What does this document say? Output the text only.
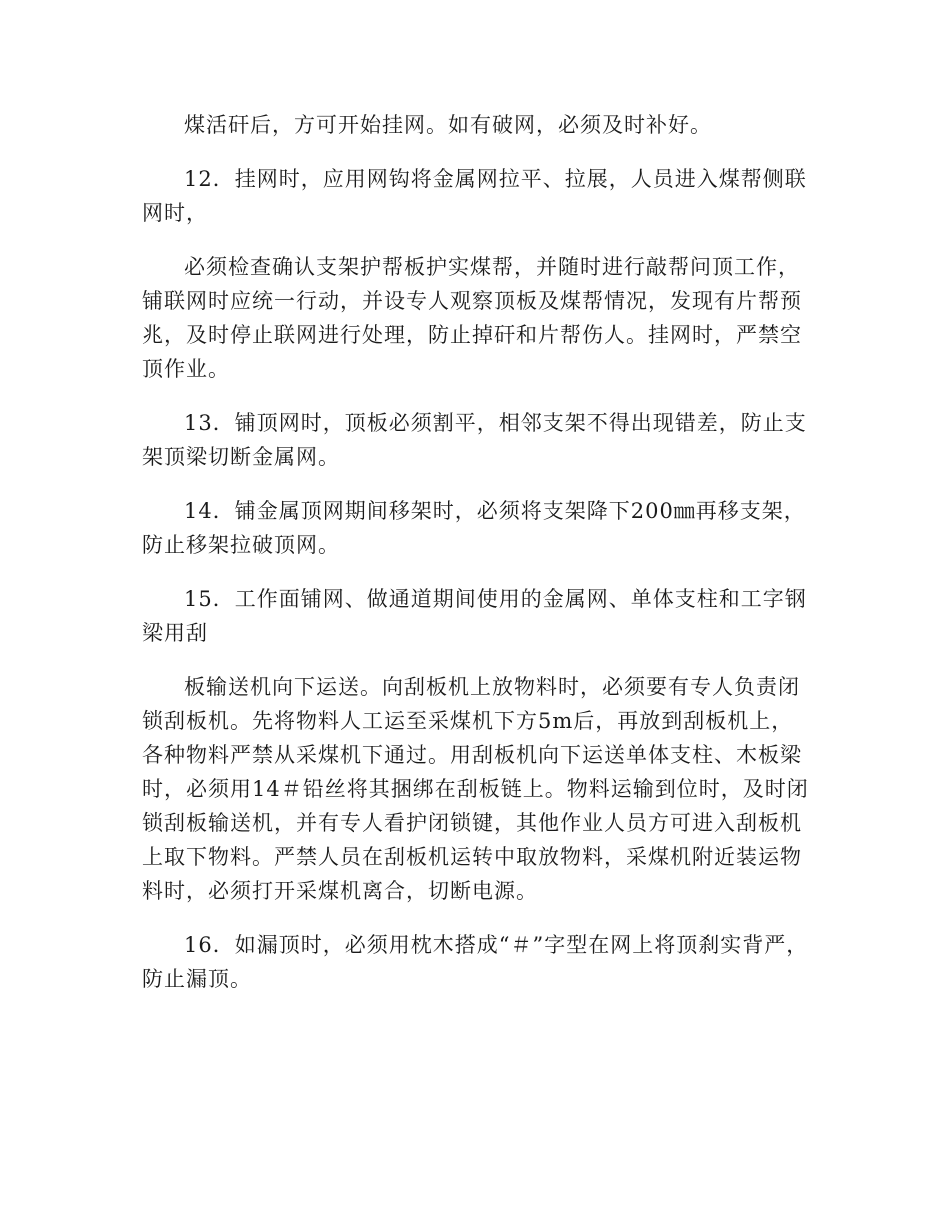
煤活矸后，方可开始挂网。如有破网，必须及时补好。

12．挂网时，应用网钩将金属网拉平、拉展，人员进入煤帮侧联网时，

必须检查确认支架护帮板护实煤帮，并随时进行敲帮问顶工作，铺联网时应统一行动，并设专人观察顶板及煤帮情况，发现有片帮预兆，及时停止联网进行处理，防止掉矸和片帮伤人。挂网时，严禁空顶作业。

13．铺顶网时，顶板必须割平，相邻支架不得出现错差，防止支架顶梁切断金属网。

14．铺金属顶网期间移架时，必须将支架降下200㎜再移支架，防止移架拉破顶网。

15．工作面铺网、做通道期间使用的金属网、单体支柱和工字钢梁用刮

板输送机向下运送。向刮板机上放物料时，必须要有专人负责闭锁刮板机。先将物料人工运至采煤机下方5m后，再放到刮板机上，各种物料严禁从采煤机下通过。用刮板机向下运送单体支柱、木板梁时，必须用14＃铅丝将其捆绑在刮板链上。物料运输到位时，及时闭锁刮板输送机，并有专人看护闭锁键，其他作业人员方可进入刮板机上取下物料。严禁人员在刮板机运转中取放物料，采煤机附近装运物料时，必须打开采煤机离合，切断电源。

16．如漏顶时，必须用枕木搭成“＃”字型在网上将顶刹实背严，防止漏顶。
